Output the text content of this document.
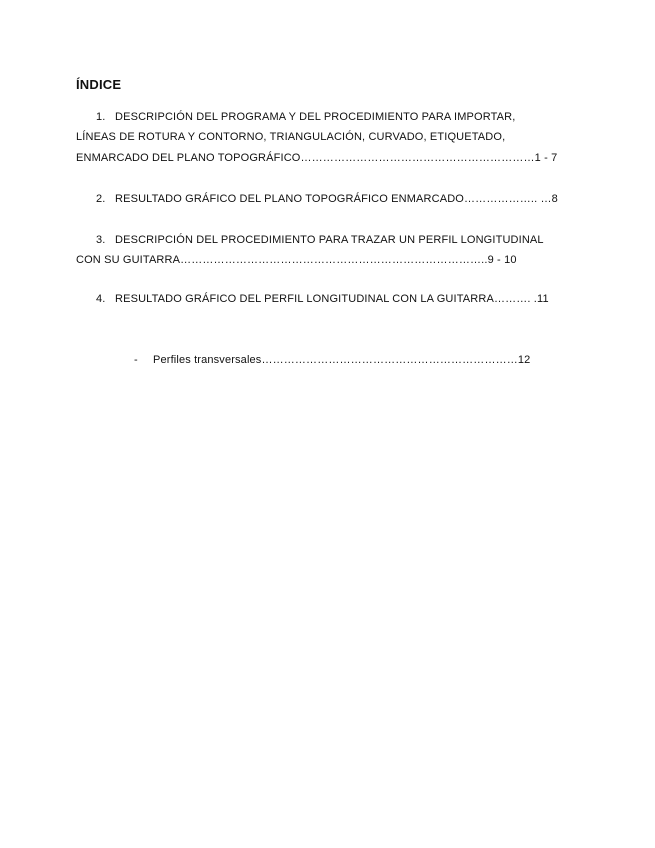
ÍNDICE
1. DESCRIPCIÓN DEL PROGRAMA Y DEL PROCEDIMIENTO PARA IMPORTAR,
LÍNEAS DE ROTURA Y CONTORNO, TRIANGULACIÓN, CURVADO, ETIQUETADO,
ENMARCADO DEL PLANO TOPOGRÁFICO………………………………………………………1 - 7
2. RESULTADO GRÁFICO DEL PLANO TOPOGRÁFICO ENMARCADO……………….. …8
3. DESCRIPCIÓN DEL PROCEDIMIENTO PARA TRAZAR UN PERFIL LONGITUDINAL
CON SU GUITARRA………………………………………………………………………..9 - 10
4. RESULTADO GRÁFICO DEL PERFIL LONGITUDINAL CON LA GUITARRA………. .11
- Perfiles transversales……………………………………………………………12
